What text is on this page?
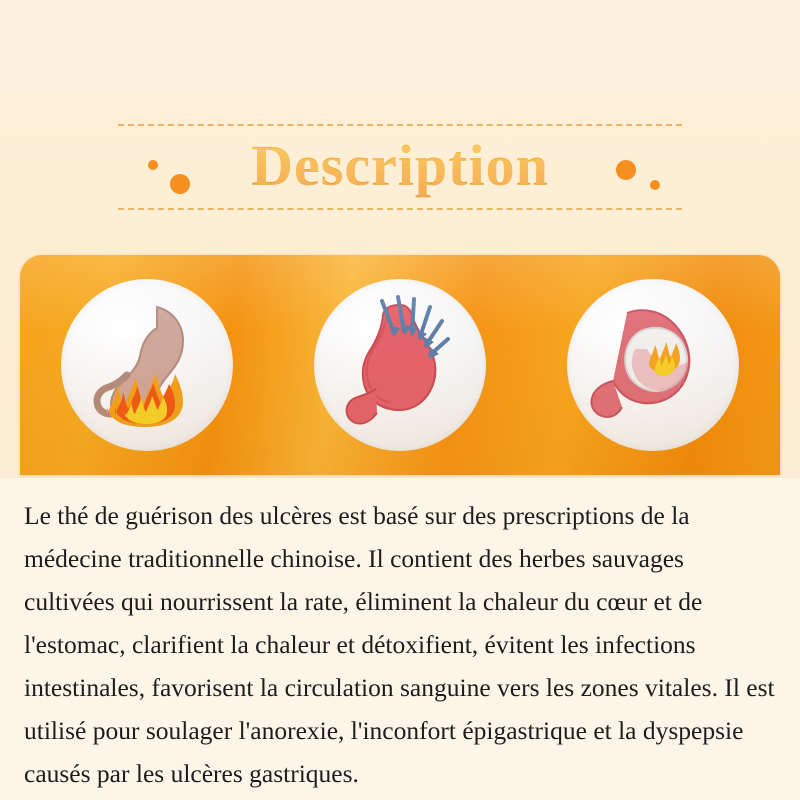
Description
Le thé de guérison des ulcères est basé sur des prescriptions de la médecine traditionnelle chinoise. Il contient des herbes sauvages cultivées qui nourrissent la rate, éliminent la chaleur du cœur et de l'estomac, clarifient la chaleur et détoxifient, évitent les infections intestinales, favorisent la circulation sanguine vers les zones vitales. Il est utilisé pour soulager l'anorexie, l'inconfort épigastrique et la dyspepsie causés par les ulcères gastriques.
